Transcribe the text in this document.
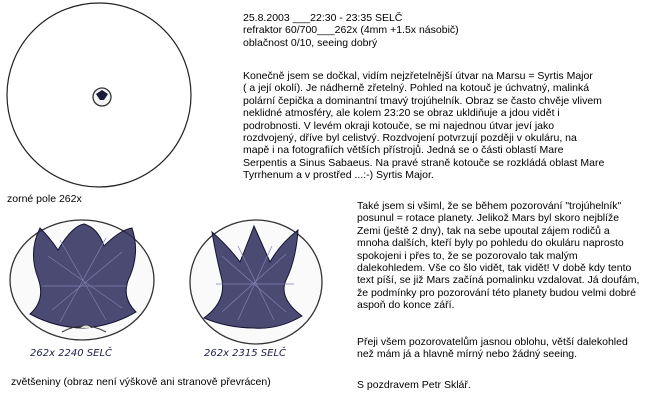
zorné pole 262x
262x 2240 SELČ	262x 2315 SELČ
zvětšeniny (obraz není výškově ani stranově převrácen)
25.8.2003 ___22:30 - 23:35 SELČ
refraktor 60/700___262x (4mm +1.5x násobič)
oblačnost 0/10, seeing dobrý
Konečně jsem se dočkal, vidím nejzřetelnější útvar na Marsu = Syrtis Major
( a její okolí). Je nádherně zřetelný. Pohled na kotouč je úchvatný, malinká
polární čepička a dominantní tmavý trojúhelník. Obraz se často chvěje vlivem
neklidné atmosféry, ale kolem 23:20 se obraz ukldiňuje a jdou vidět i
podrobnosti. V levém okraji kotouče, se mi najednou útvar jeví jako
rozdvojený, dříve byl celistvý. Rozdvojení potvrzují později v okuláru, na
mapě i na fotografiích větších přístrojů. Jedná se o části oblastí Mare
Serpentis a Sinus Sabaeus. Na pravé straně kotouče se rozkládá oblast Mare
Tyrrhenum a v prostřed ...:-) Syrtis Major.
Také jsem si všiml, že se během pozorování "trojúhelník"
posunul = rotace planety. Jelikož Mars byl skoro nejblíže
Zemi (ještě 2 dny), tak na sebe upoutal zájem rodičů a
mnoha dalších, kteří byly po pohledu do okuláru naprosto
spokojeni i přes to, že se pozorovalo tak malým
dalekohledem. Vše co šlo vidět, tak vidět! V době kdy tento
text píší, se již Mars začíná pomalinku vzdalovat. Já doufám,
že podmínky pro pozorování této planety budou velmi dobré
aspoň do konce září.
Přeji všem pozorovatelům jasnou oblohu, větší dalekohled
než mám já a hlavně mírný nebo žádný seeing.
S pozdravem Petr Sklář.
